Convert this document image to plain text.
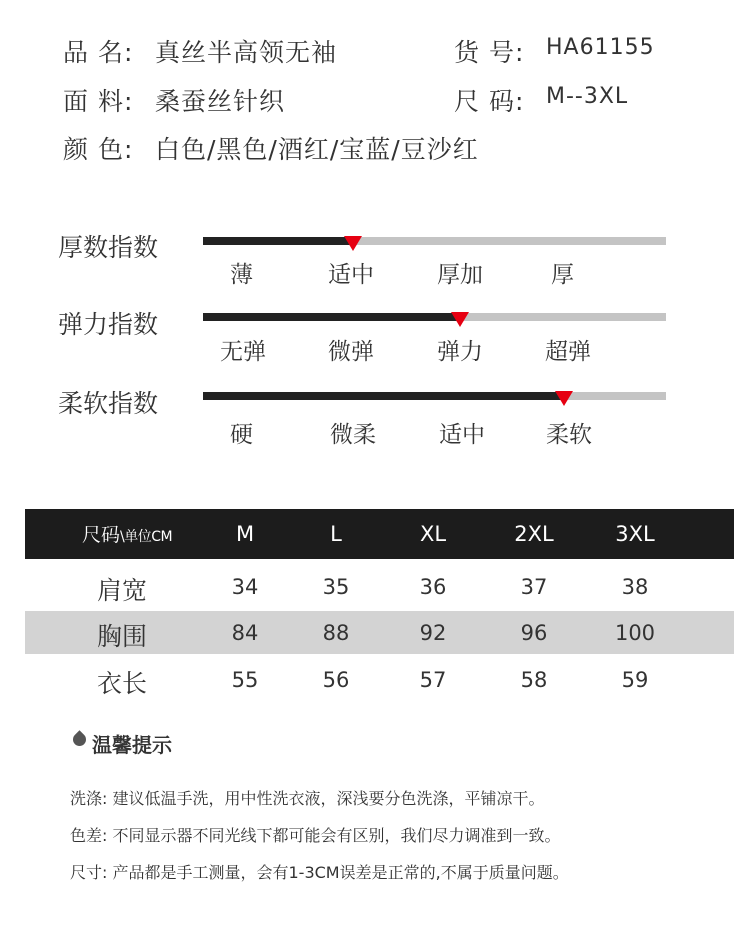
品 名: 真丝半高领无袖	货 号: HA61155
面 料: 桑蚕丝针织	尺 码: M--3XL
颜 色: 白色/黑色/酒红/宝蓝/豆沙红
厚数指数
薄	适中	厚加	厚
弹力指数
无弹	微弹	弹力	超弹
柔软指数
硬	微柔	适中	柔软
尺码\单位CM	M	L	XL	2XL	3XL
肩宽	34	35	36	37	38
胸围	84	88	92	96	100
衣长	55	56	57	58	59
温馨提示
洗涤: 建议低温手洗，用中性洗衣液，深浅要分色洗涤，平铺凉干。
色差: 不同显示器不同光线下都可能会有区别，我们尽力调准到一致。
尺寸: 产品都是手工测量，会有1-3CM误差是正常的,不属于质量问题。
